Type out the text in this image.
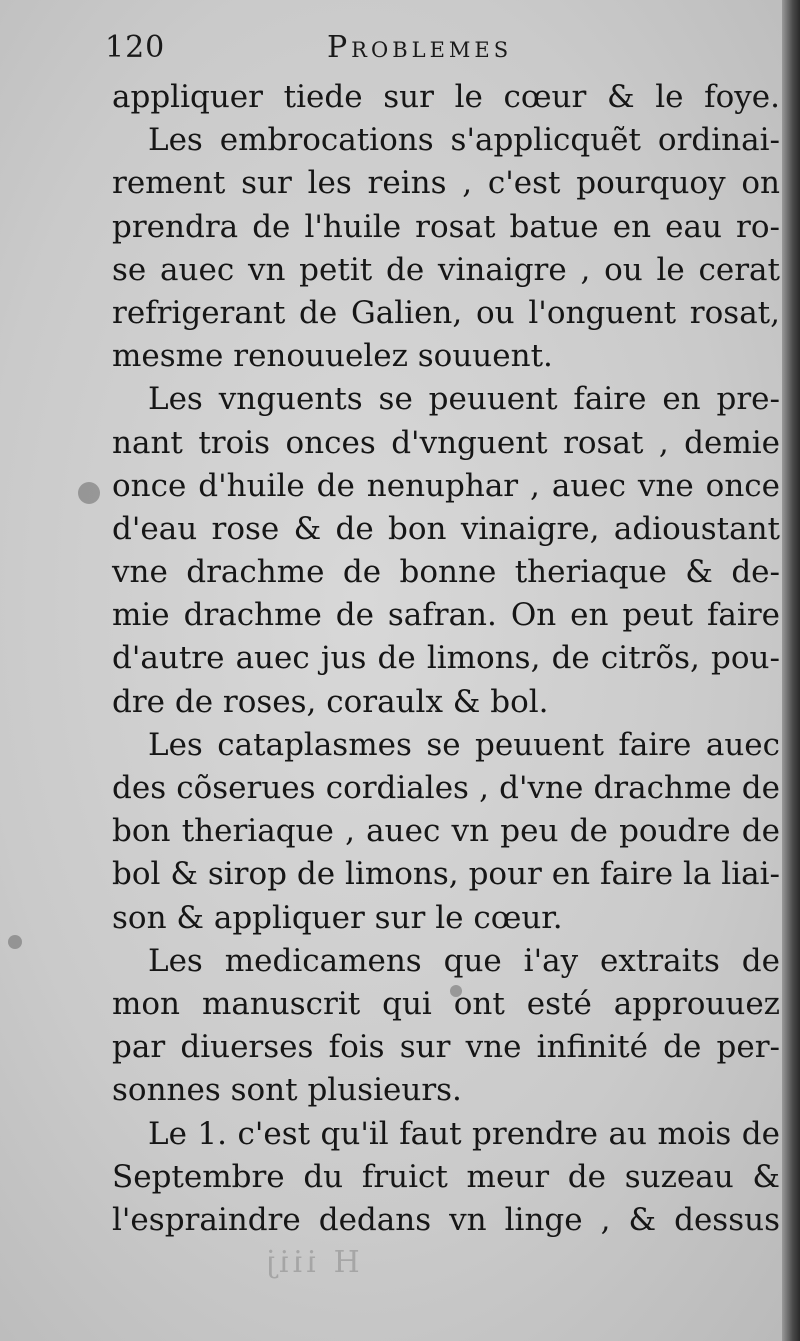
120	Problemes
appliquer tiede sur le cœur & le foye.
Les embrocations s'applicquẽt ordinai-
rement sur les reins , c'est pourquoy on
prendra de l'huile rosat batue en eau ro-
se auec vn petit de vinaigre , ou le cerat
refrigerant de Galien, ou l'onguent rosat,
mesme renouuelez souuent.
Les vnguents se peuuent faire en pre-
nant trois onces d'vnguent rosat , demie
once d'huile de nenuphar , auec vne once
d'eau rose & de bon vinaigre, adioustant
vne drachme de bonne theriaque & de-
mie drachme de safran. On en peut faire
d'autre auec jus de limons, de citrõs, pou-
dre de roses, coraulx & bol.
Les cataplasmes se peuuent faire auec
des cõserues cordiales , d'vne drachme de
bon theriaque , auec vn peu de poudre de
bol & sirop de limons, pour en faire la liai-
son & appliquer sur le cœur.
Les medicamens que i'ay extraits de
mon manuscrit qui ont esté approuuez
par diuerses fois sur vne infinité de per-
sonnes sont plusieurs.
Le 1. c'est qu'il faut prendre au mois de
Septembre du fruict meur de suzeau &
l'espraindre dedans vn linge , & dessus
H iiij
